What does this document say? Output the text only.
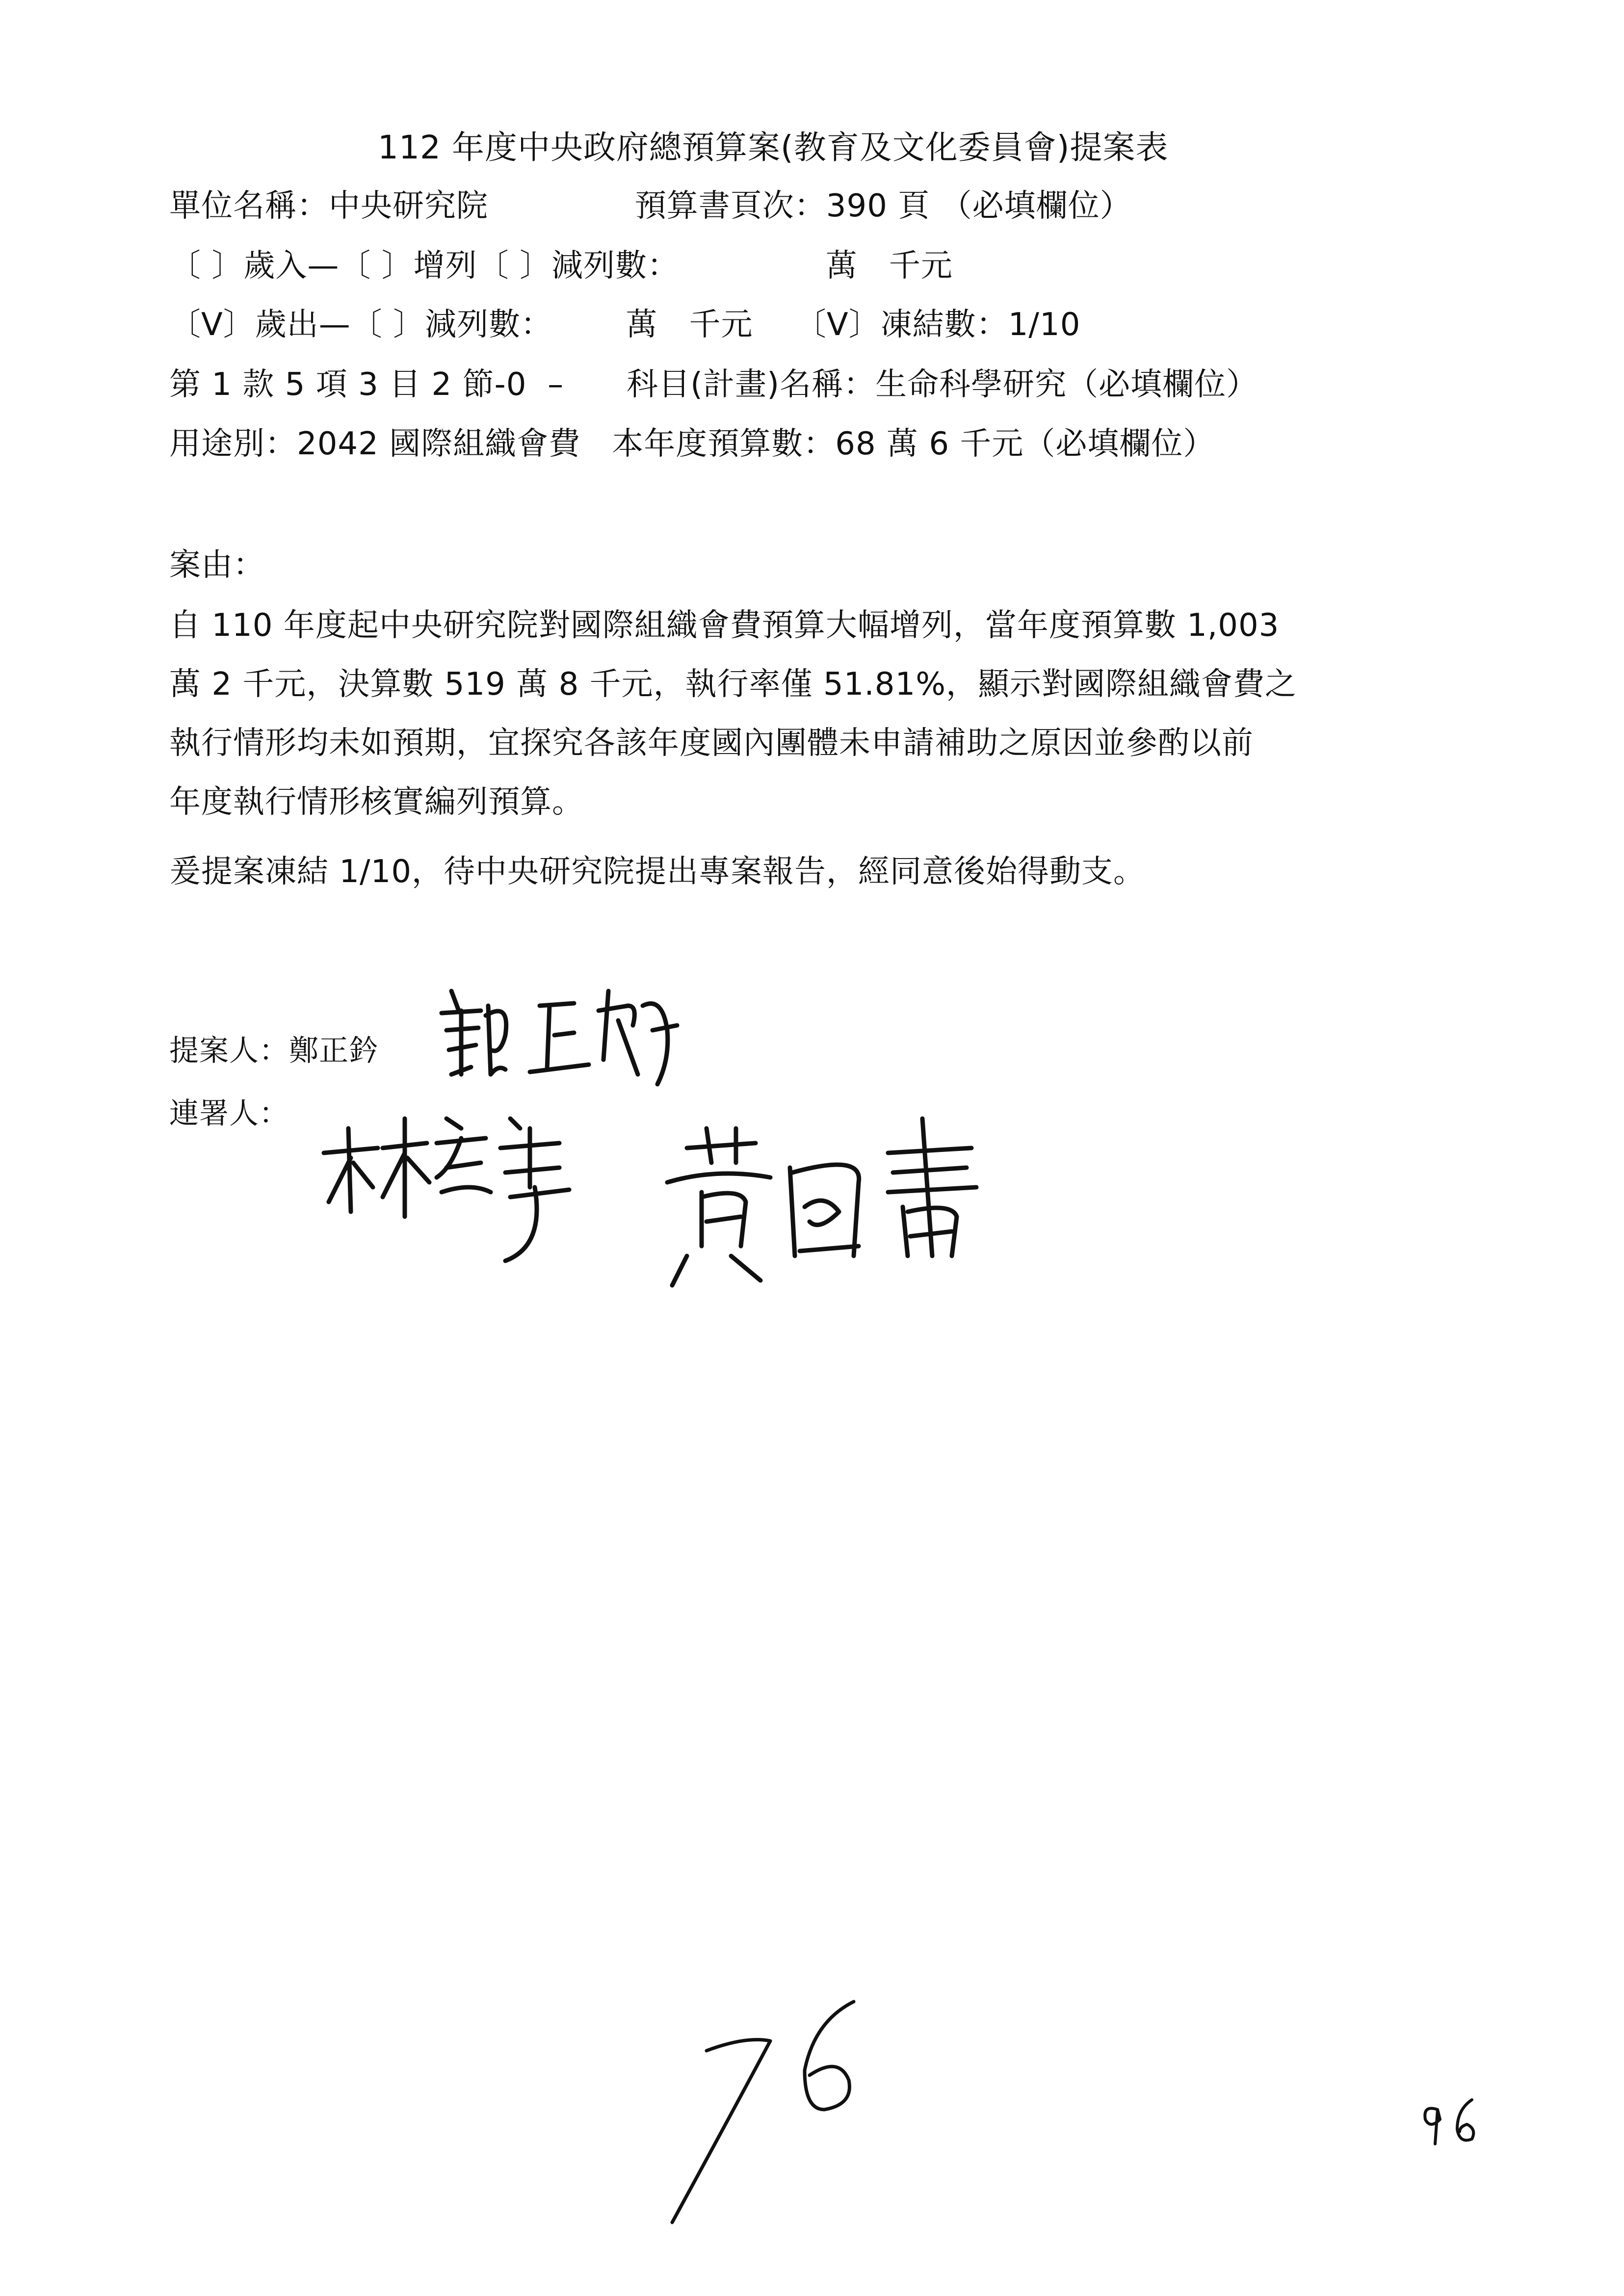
112 年度中央政府總預算案(教育及文化委員會)提案表
單位名稱：中央研究院              預算書頁次：390 頁 （必填欄位）
〔 〕歲入—〔 〕增列〔 〕減列數：              萬   千元
〔V〕歲出—〔 〕減列數：       萬   千元    〔V〕凍結數：1/10
第 1 款 5 項 3 目 2 節-0  –      科目(計畫)名稱：生命科學研究（必填欄位）
用途別：2042 國際組織會費   本年度預算數：68 萬 6 千元（必填欄位）
案由：
自 110 年度起中央研究院對國際組織會費預算大幅增列，當年度預算數 1,003
萬 2 千元，決算數 519 萬 8 千元，執行率僅 51.81%，顯示對國際組織會費之
執行情形均未如預期，宜探究各該年度國內團體未申請補助之原因並參酌以前
年度執行情形核實編列預算。
爰提案凍結 1/10，待中央研究院提出專案報告，經同意後始得動支。
提案人：鄭正鈐
連署人：
